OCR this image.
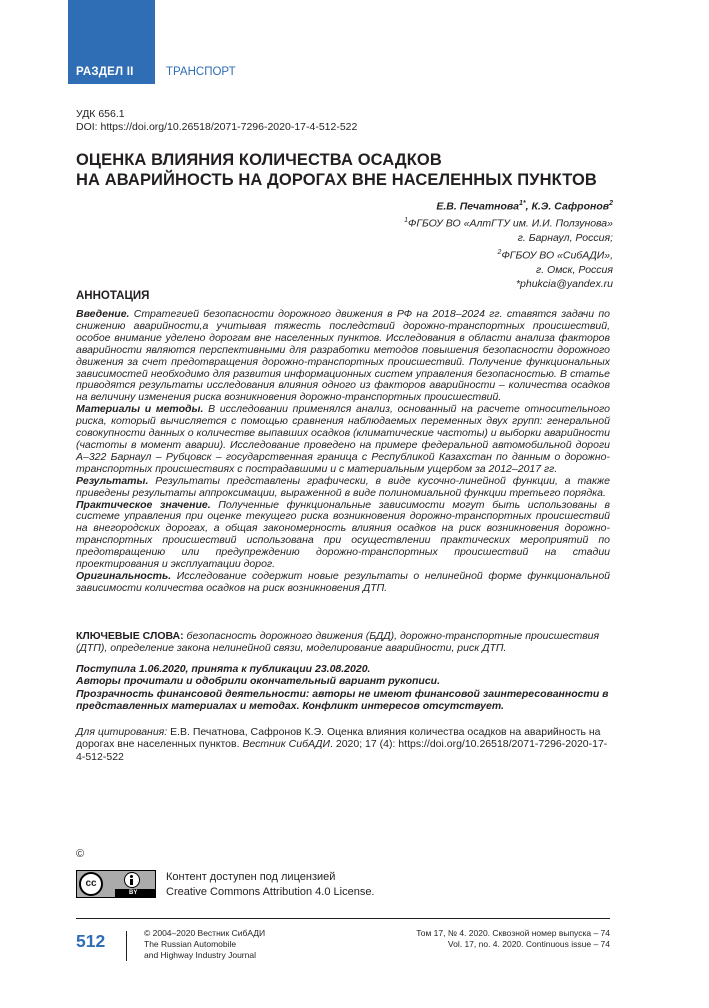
РАЗДЕЛ II	ТРАНСПОРТ
УДК 656.1
DOI: https://doi.org/10.26518/2071-7296-2020-17-4-512-522
ОЦЕНКА ВЛИЯНИЯ КОЛИЧЕСТВА ОСАДКОВ
НА АВАРИЙНОСТЬ НА ДОРОГАХ ВНЕ НАСЕЛЕННЫХ ПУНКТОВ
Е.В. Печатнова$^{1*}$, К.Э. Сафронов$^2$
$^1$ФГБОУ ВО «АлтГТУ им. И.И. Ползунова»
г. Барнаул, Россия;
$^2$ФГБОУ ВО «СибАДИ»,
г. Омск, Россия
*phukcia@yandex.ru
АННОТАЦИЯ

Введение. Стратегией безопасности дорожного движения в РФ на 2018–2024 гг. ставятся задачи по снижению аварийности,а учитывая тяжесть последствий дорожно-транспортных происшествий, особое внимание уделено дорогам вне населенных пунктов. Исследования в области анализа факторов аварийности являются перспективными для разработки методов повышения безопасности дорожного движения за счет предотвращения дорожно-транспортных происшествий. Получение функциональных зависимостей необходимо для развития информационных систем управления безопасностью. В статье приводятся результаты исследования влияния одного из факторов аварийности – количества осадков на величину изменения риска возникновения дорожно-транспортных происшествий.

Материалы и методы. В исследовании применялся анализ, основанный на расчете относительного риска, который вычисляется с помощью сравнения наблюдаемых переменных двух групп: генеральной совокупности данных о количестве выпавших осадков (климатические частоты) и выборки аварийности (частоты в момент аварии). Исследование проведено на примере федеральной автомобильной дороги А–322 Барнаул – Рубцовск – государственная граница с Республикой Казахстан по данным о дорожно-транспортных происшествиях с пострадавшими и с материальным ущербом за 2012–2017 гг.

Результаты. Результаты представлены графически, в виде кусочно-линейной функции, а также приведены результаты аппроксимации, выраженной в виде полиномиальной функции третьего порядка.

Практическое значение. Полученные функциональные зависимости могут быть использованы в системе управления при оценке текущего риска возникновения дорожно-транспортных происшествий на внегородских дорогах, а общая закономерность влияния осадков на риск возникновения дорожно-транспортных происшествий использована при осуществлении практических мероприятий по предотвращению или предупреждению дорожно-транспортных происшествий на стадии проектирования и эксплуатации дорог.

Оригинальность. Исследование содержит новые результаты о нелинейной форме функциональной зависимости количества осадков на риск возникновения ДТП.

КЛЮЧЕВЫЕ СЛОВА: безопасность дорожного движения (БДД), дорожно-транспортные происшествия (ДТП), определение закона нелинейной связи, моделирование аварийности, риск ДТП.

Поступила 1.06.2020, принята к публикации 23.08.2020.

Авторы прочитали и одобрили окончательный вариант рукописи.

Прозрачность финансовой деятельности: авторы не имеют финансовой заинтересованности в представленных материалах и методах. Конфликт интересов отсутствует.

Для цитирования: Е.В. Печатнова, Сафронов К.Э. Оценка влияния количества осадков на аварийность на дорогах вне населенных пунктов. Вестник СибАДИ. 2020; 17 (4): https://doi.org/10.26518/2071-7296-2020-17-4-512-522
©
cc
BY
Контент доступен под лицензией
Creative Commons Attribution 4.0 License.
512	© 2004–2020 Вестник СибАДИ
The Russian Automobile
and Highway Industry Journal
Том 17, № 4. 2020. Сквозной номер выпуска – 74
Vol. 17, no. 4. 2020. Continuous issue – 74
